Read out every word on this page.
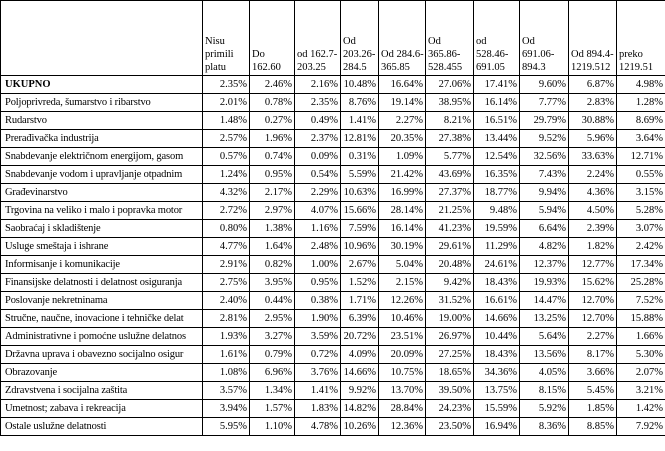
	Nisu primili platu	Do 162.60	od 162.7-203.25	Od 203.26-284.5	Od 284.6-365.85	Od 365.86-528.455	od 528.46-691.05	Od 691.06-894.3	Od 894.4-1219.512	preko 1219.51
UKUPNO	2.35%	2.46%	2.16%	10.48%	16.64%	27.06%	17.41%	9.60%	6.87%	4.98%
Poljoprivreda, šumarstvo i ribarstvo	2.01%	0.78%	2.35%	8.76%	19.14%	38.95%	16.14%	7.77%	2.83%	1.28%
Rudarstvo	1.48%	0.27%	0.49%	1.41%	2.27%	8.21%	16.51%	29.79%	30.88%	8.69%
Prerađivačka industrija	2.57%	1.96%	2.37%	12.81%	20.35%	27.38%	13.44%	9.52%	5.96%	3.64%
Snabdevanje električnom energijom, gasom	0.57%	0.74%	0.09%	0.31%	1.09%	5.77%	12.54%	32.56%	33.63%	12.71%
Snabdevanje vodom i upravljanje otpadnim	1.24%	0.95%	0.54%	5.59%	21.42%	43.69%	16.35%	7.43%	2.24%	0.55%
Građevinarstvo	4.32%	2.17%	2.29%	10.63%	16.99%	27.37%	18.77%	9.94%	4.36%	3.15%
Trgovina na veliko i malo i popravka motor	2.72%	2.97%	4.07%	15.66%	28.14%	21.25%	9.48%	5.94%	4.50%	5.28%
Saobraćaj i skladištenje	0.80%	1.38%	1.16%	7.59%	16.14%	41.23%	19.59%	6.64%	2.39%	3.07%
Usluge smeštaja i ishrane	4.77%	1.64%	2.48%	10.96%	30.19%	29.61%	11.29%	4.82%	1.82%	2.42%
Informisanje i komunikacije	2.91%	0.82%	1.00%	2.67%	5.04%	20.48%	24.61%	12.37%	12.77%	17.34%
Finansijske delatnosti i delatnost osiguranja	2.75%	3.95%	0.95%	1.52%	2.15%	9.42%	18.43%	19.93%	15.62%	25.28%
Poslovanje nekretninama	2.40%	0.44%	0.38%	1.71%	12.26%	31.52%	16.61%	14.47%	12.70%	7.52%
Stručne, naučne, inovacione i tehničke delat	2.81%	2.95%	1.90%	6.39%	10.46%	19.00%	14.66%	13.25%	12.70%	15.88%
Administrativne i pomoćne uslužne delatnos	1.93%	3.27%	3.59%	20.72%	23.51%	26.97%	10.44%	5.64%	2.27%	1.66%
Državna uprava i obavezno socijalno osigur	1.61%	0.79%	0.72%	4.09%	20.09%	27.25%	18.43%	13.56%	8.17%	5.30%
Obrazovanje	1.08%	6.96%	3.76%	14.66%	10.75%	18.65%	34.36%	4.05%	3.66%	2.07%
Zdravstvena i socijalna zaštita	3.57%	1.34%	1.41%	9.92%	13.70%	39.50%	13.75%	8.15%	5.45%	3.21%
Umetnost; zabava i rekreacija	3.94%	1.57%	1.83%	14.82%	28.84%	24.23%	15.59%	5.92%	1.85%	1.42%
Ostale uslužne delatnosti	5.95%	1.10%	4.78%	10.26%	12.36%	23.50%	16.94%	8.36%	8.85%	7.92%
